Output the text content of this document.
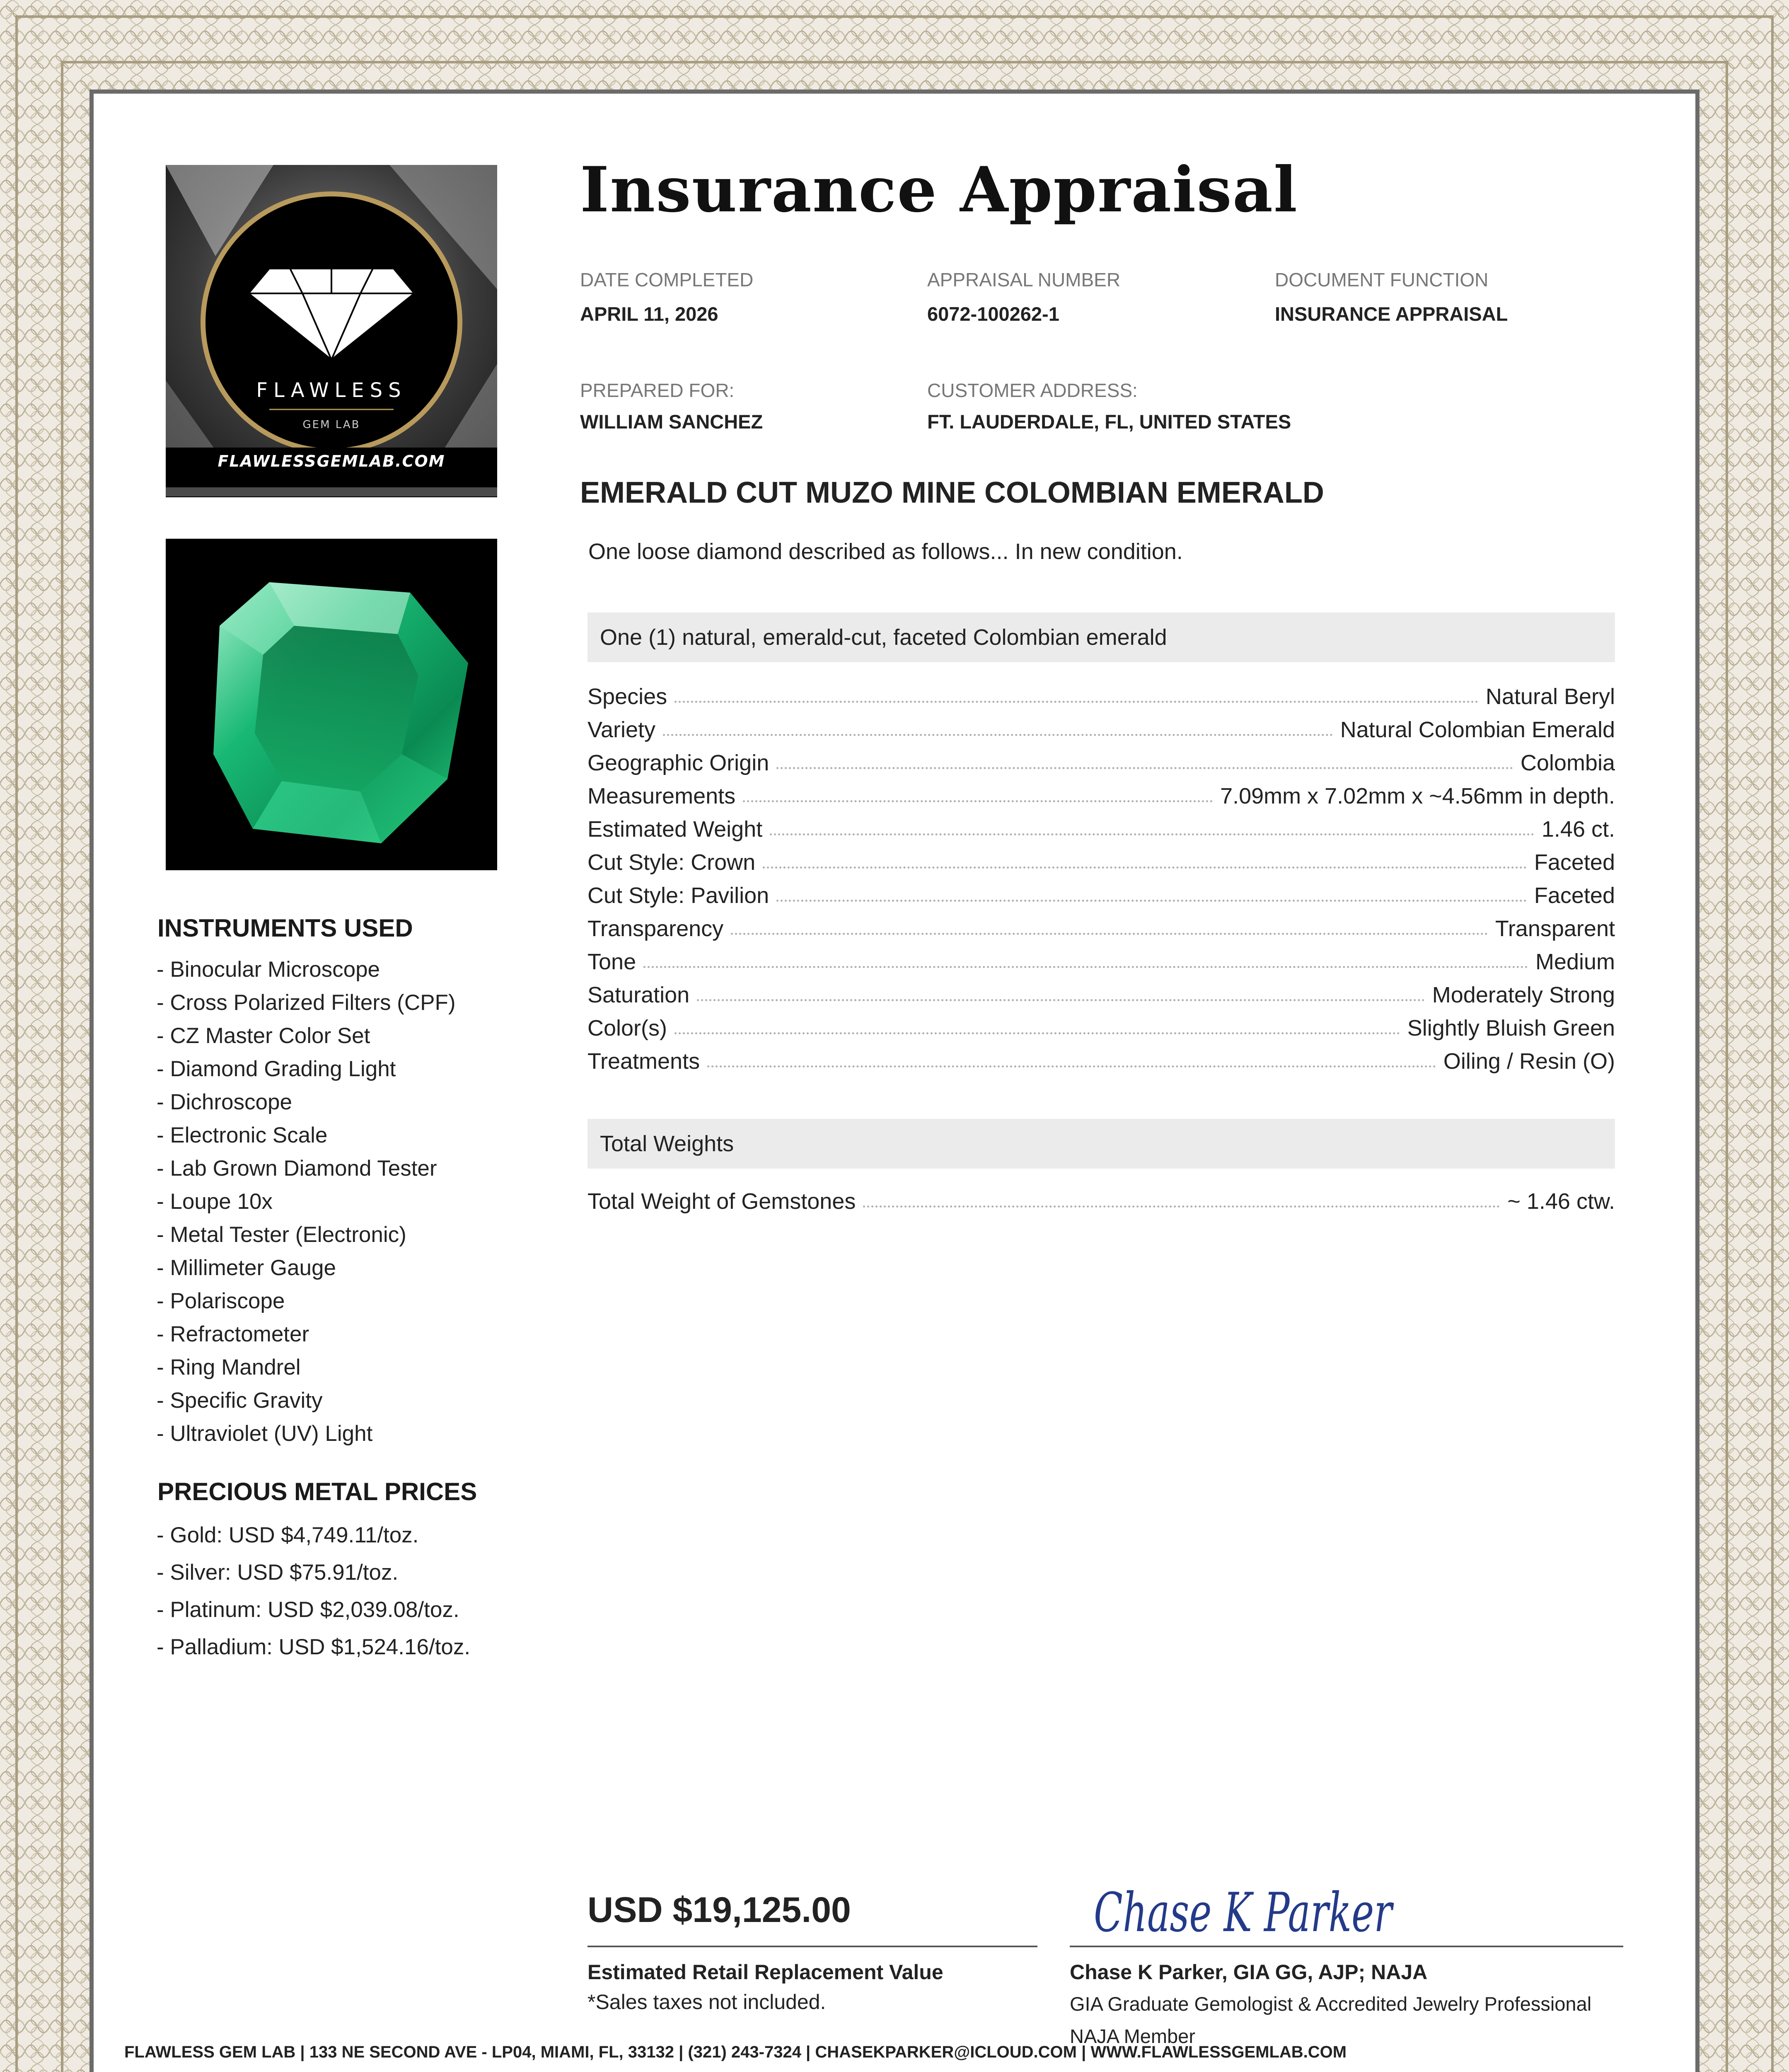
FLAWLESS
GEM LAB
FLAWLESSGEMLAB.COM
INSTRUMENTS USED
- Binocular Microscope
- Cross Polarized Filters (CPF)
- CZ Master Color Set
- Diamond Grading Light
- Dichroscope
- Electronic Scale
- Lab Grown Diamond Tester
- Loupe 10x
- Metal Tester (Electronic)
- Millimeter Gauge
- Polariscope
- Refractometer
- Ring Mandrel
- Specific Gravity
- Ultraviolet (UV) Light
PRECIOUS METAL PRICES
- Gold: USD $4,749.11/toz.
- Silver: USD $75.91/toz.
- Platinum: USD $2,039.08/toz.
- Palladium: USD $1,524.16/toz.
Insurance Appraisal
DATE COMPLETED
APRIL 11, 2026
APPRAISAL NUMBER
6072-100262-1
DOCUMENT FUNCTION
INSURANCE APPRAISAL
PREPARED FOR:
WILLIAM SANCHEZ
CUSTOMER ADDRESS:
FT. LAUDERDALE, FL, UNITED STATES
EMERALD CUT MUZO MINE COLOMBIAN EMERALD
One loose diamond described as follows... In new condition.
One (1) natural, emerald-cut, faceted Colombian emerald
Species	Natural Beryl
Variety	Natural Colombian Emerald
Geographic Origin	Colombia
Measurements	7.09mm x 7.02mm x ~4.56mm in depth.
Estimated Weight	1.46 ct.
Cut Style: Crown	Faceted
Cut Style: Pavilion	Faceted
Transparency	Transparent
Tone	Medium
Saturation	Moderately Strong
Color(s)	Slightly Bluish Green
Treatments	Oiling / Resin (O)
Total Weights
Total Weight of Gemstones	~ 1.46 ctw.
USD $19,125.00
Estimated Retail Replacement Value
*Sales taxes not included.
Chase K Parker
Chase K Parker, GIA GG, AJP; NAJA
GIA Graduate Gemologist & Accredited Jewelry Professional
NAJA Member
FLAWLESS GEM LAB | 133 NE SECOND AVE - LP04, MIAMI, FL, 33132 | (321) 243-7324 | CHASEKPARKER@ICLOUD.COM | WWW.FLAWLESSGEMLAB.COM
